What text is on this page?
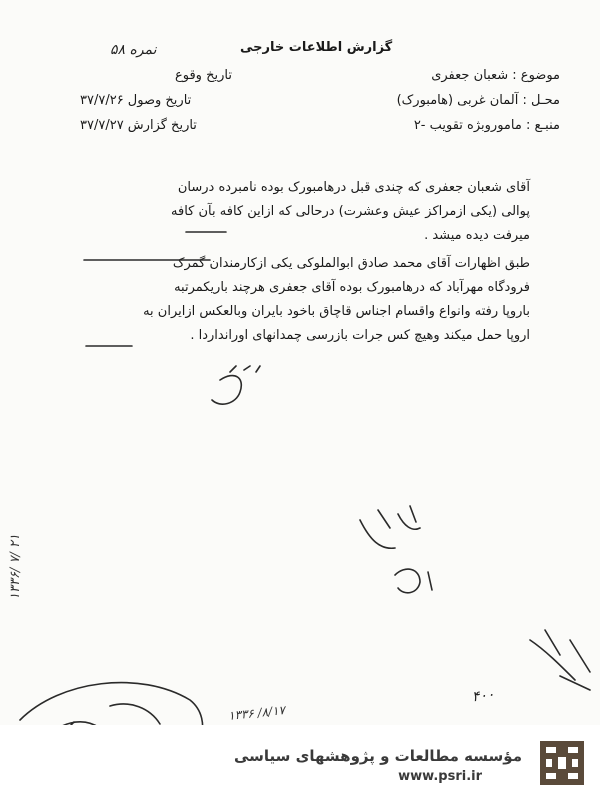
گزارش اطلاعات خارجی
نمره ۵۸
تاریخ وقوع
تاریخ وصول ۳۷/۷/۲۶
تاریخ گزارش ۳۷/۷/۲۷
موضوع : شعبان جعفری
محـل : آلمان غربی (هامبورک)
منبـع : ماموروبژه تقویب -۲
آقای شعبان جعفری که چندی قبل درهامبورک بوده نامبرده درسان
پوالی (یکی ازمراکز عیش وعشرت) درحالی که ازاین کافه بآن کافه
میرفت دیده میشد .
طبق اظهارات آقای محمد صادق ابوالملوکی یکی ازکارمندان گمرک
فرودگاه مهرآباد که درهامبورک بوده آقای جعفری هرچند باریکمرتبه
باروپا رفته وانواع واقسام اجناس قاچاق باخود بایران وبالعکس ازایران به
اروپا حمل میکند وهیچ کس جرات بازرسی چمدانهای اورانداردا .
۱۳۳۶/ ۷/ ۲۱
۱۳۳۶ /۸/۱۷
۴۰۰
مؤسسه مطالعات و پژوهشهای سیاسی
www.psri.ir
